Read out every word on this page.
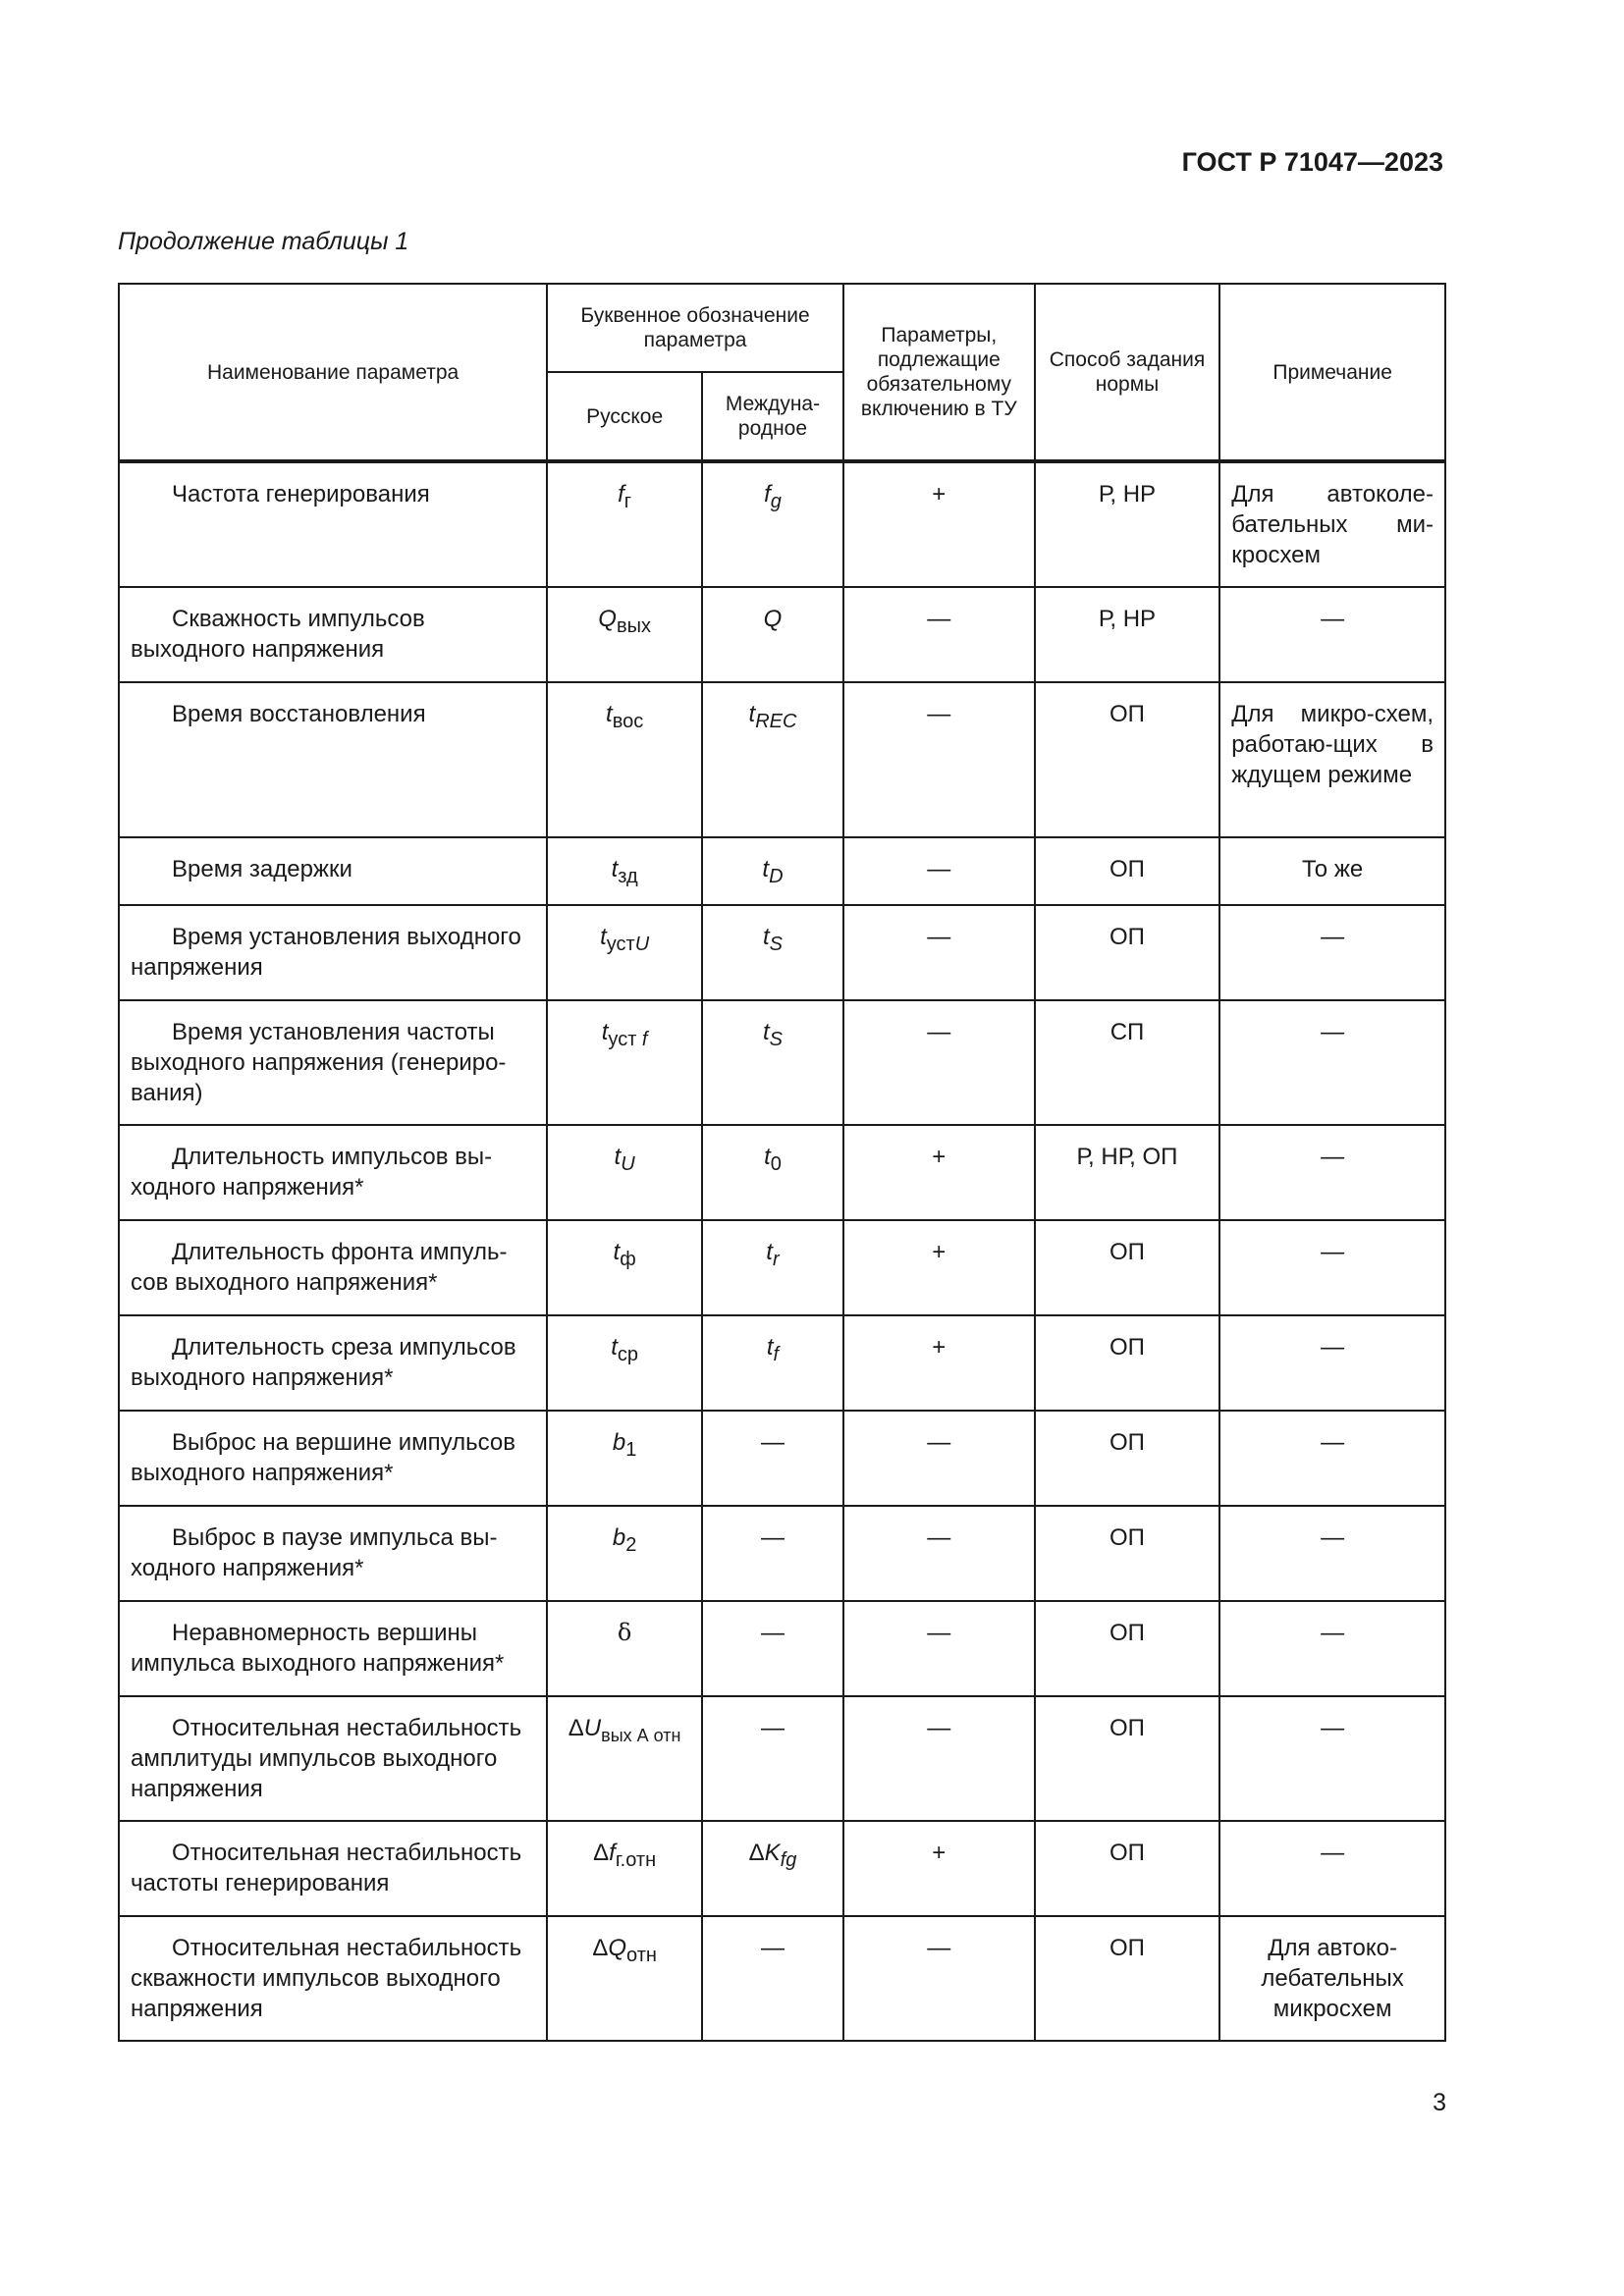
ГОСТ Р 71047—2023
Продолжение таблицы 1
Наименование параметра	Буквенное обозначение параметра		Параметры, подлежащие обязательному включению в ТУ	Способ задания нормы	Примечание
	Русское	Междуна-родное			
Частота генерирования	$f_г$	$f_g$	+	Р, НР	Для автоколе-бательных ми-кросхем
Скважность импульсов выходного напряжения	$Q_{вых}$	Q	—	Р, НР	—
Время восстановления	$t_{вос}$	$t_{REC}$	—	ОП	Для микро-схем, работаю-щих в ждущем режиме
Время задержки	$t_{зд}$	$t_D$	—	ОП	То же
Время установления выходного напряжения	$t_{устU}$	$t_S$	—	ОП	—
Время установления частоты выходного напряжения (генериро-вания)	$t_{уст f}$	$t_S$	—	СП	—
Длительность импульсов вы-ходного напряжения*	$t_U$	$t_0$	+	Р, НР, ОП	—
Длительность фронта импуль-сов выходного напряжения*	$t_ф$	$t_r$	+	ОП	—
Длительность среза импульсов выходного напряжения*	$t_{ср}$	$t_f$	+	ОП	—
Выброс на вершине импульсов выходного напряжения*	$b_1$	—	—	ОП	—
Выброс в паузе импульса вы-ходного напряжения*	$b_2$	—	—	ОП	—
Неравномерность вершины импульса выходного напряжения*	δ	—	—	ОП	—
Относительная нестабильность амплитуды импульсов выходного напряжения	$\Delta U_{вых А отн}$	—	—	ОП	—
Относительная нестабильность частоты генерирования	$\Delta f_{г.отн}$	$\Delta K_{fg}$	+	ОП	—
Относительная нестабильность скважности импульсов выходного напряжения	$\Delta Q_{отн}$	—	—	ОП	Для автоко-лебательных микросхем
3
